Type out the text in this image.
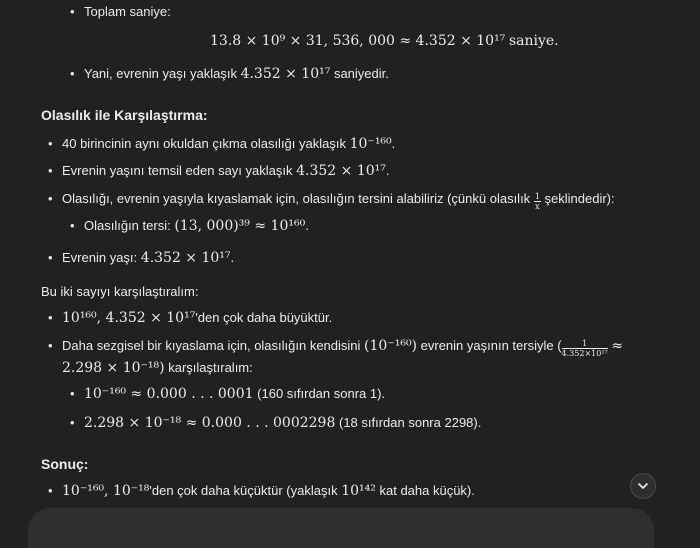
• Toplam saniye:
13.8 × 10⁹ × 31, 536, 000 ≈ 4.352 × 10¹⁷ saniye.
• Yani, evrenin yaşı yaklaşık 4.352 × 10¹⁷ saniyedir.
Olasılık ile Karşılaştırma:
• 40 birincinin aynı okuldan çıkma olasılığı yaklaşık 10⁻¹⁶⁰.
• Evrenin yaşını temsil eden sayı yaklaşık 4.352 × 10¹⁷.
• Olasılığı, evrenin yaşıyla kıyaslamak için, olasılığın tersini alabiliriz (çünkü olasılık $\frac{1}{x}$ şeklindedir):
• Olasılığın tersi: (13, 000)³⁹ ≈ 10¹⁶⁰.
• Evrenin yaşı: 4.352 × 10¹⁷.
Bu iki sayıyı karşılaştıralım:
• 10¹⁶⁰, 4.352 × 10¹⁷'den çok daha büyüktür.
• Daha sezgisel bir kıyaslama için, olasılığın kendisini (10⁻¹⁶⁰) evrenin yaşının tersiyle ( $\frac{1}{\text{4.352×10¹⁷}}$ ≈
2.298 × 10⁻¹⁸) karşılaştıralım:
• 10⁻¹⁶⁰ ≈ 0.000 . . . 0001 (160 sıfırdan sonra 1).
• 2.298 × 10⁻¹⁸ ≈ 0.000 . . . 0002298 (18 sıfırdan sonra 2298).
Sonuç:
• 10⁻¹⁶⁰, 10⁻¹⁸'den çok daha küçüktür (yaklaşık 10¹⁴² kat daha küçük).
